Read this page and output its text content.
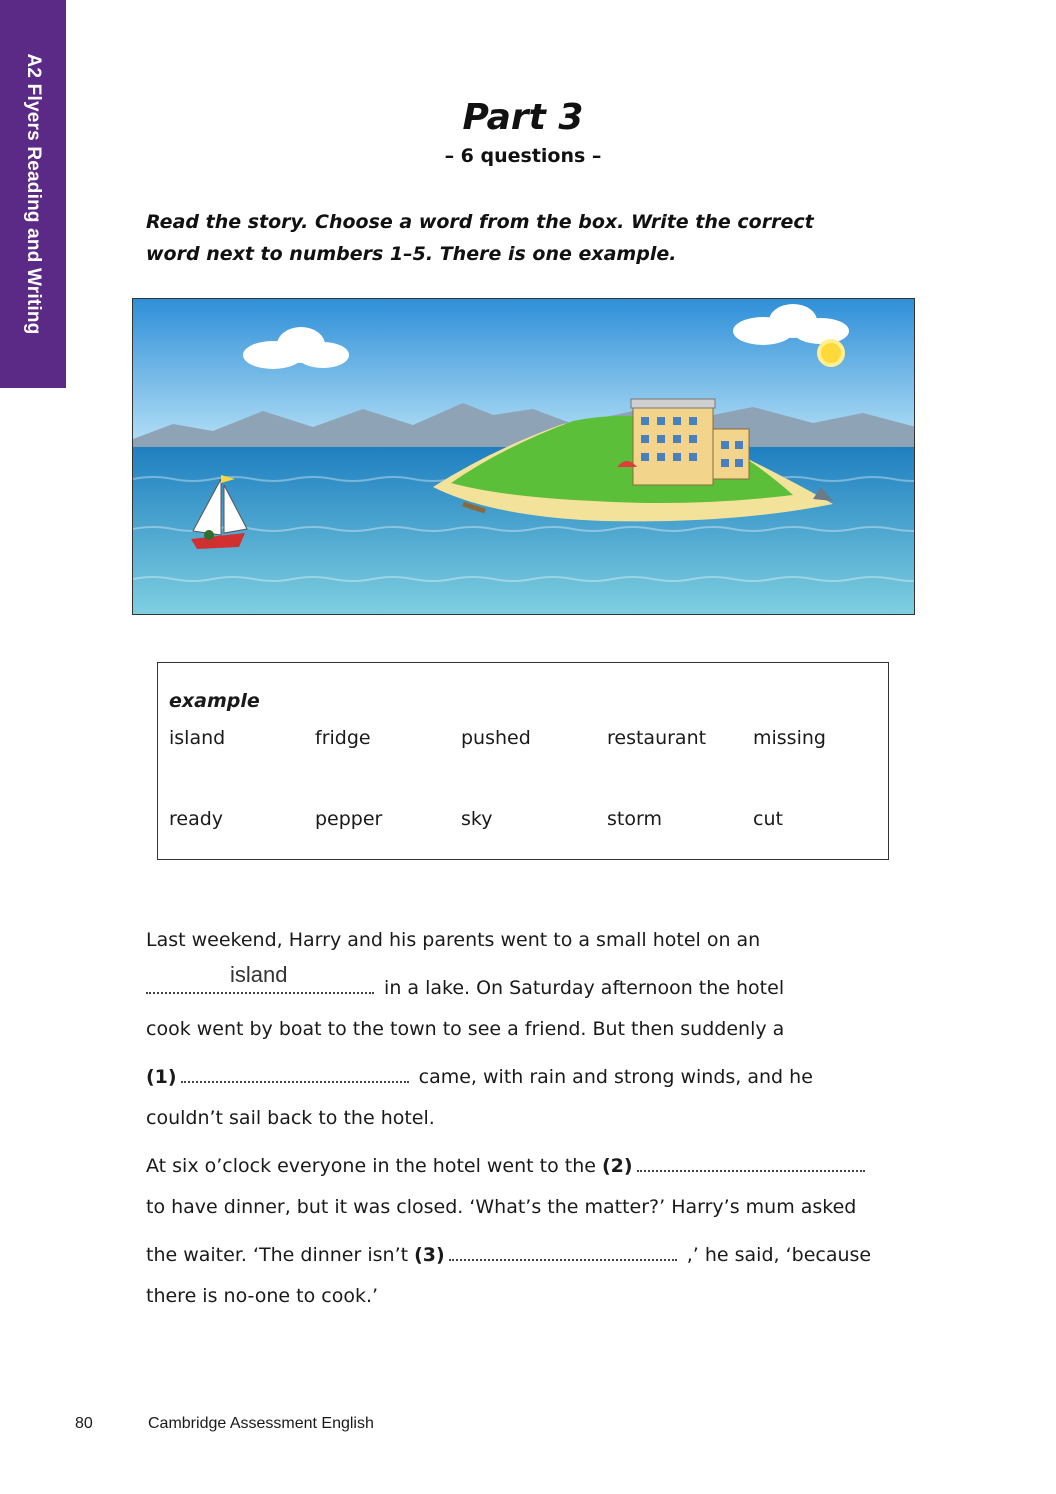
A2 Flyers Reading and Writing	Part 3
– 6 questions –
Read the story. Choose a word from the box. Write the correct
word next to numbers 1–5. There is one example.
example
island	fridge	pushed	restaurant missing
ready	pepper	sky	storm	cut
Last weekend, Harry and his parents went to a small hotel on an
island
in a lake. On Saturday afternoon the hotel
cook went by boat to the town to see a friend. But then suddenly a
(1)	came, with rain and strong winds, and he
couldn’t sail back to the hotel.
At six o’clock everyone in the hotel went to the (2)
to have dinner, but it was closed. ‘What’s the matter?’ Harry’s mum asked
the waiter. ‘The dinner isn’t (3)	,’ he said, ‘because
there is no-one to cook.’
80	Cambridge Assessment English
